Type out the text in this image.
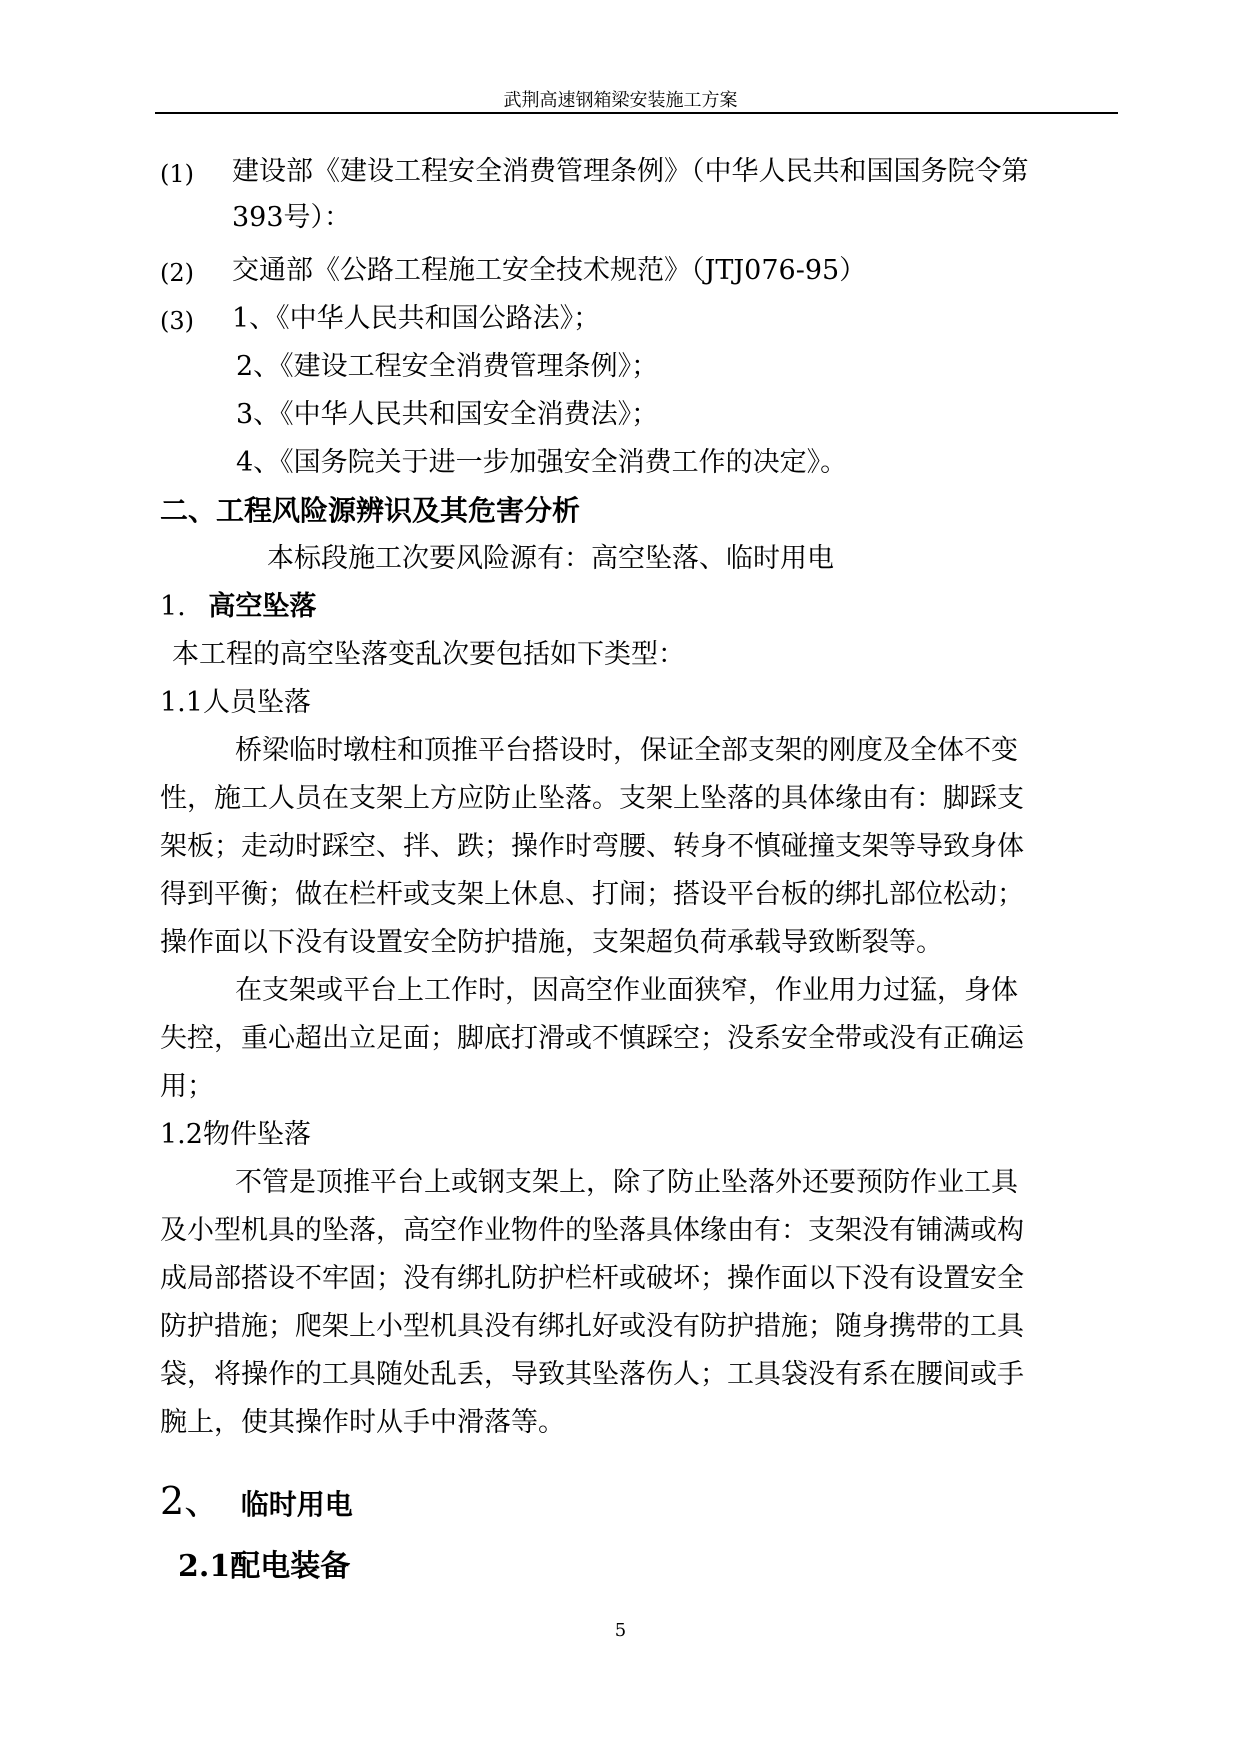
武荆高速钢箱梁安装施工方案
(1) 建设部《建设工程安全消费管理条例》（中华人民共和国国务院令第
393号）：
(2) 交通部《公路工程施工安全技术规范》（JTJ076-95）
(3) 1、《中华人民共和国公路法》；
2、《建设工程安全消费管理条例》；
3、《中华人民共和国安全消费法》；
4、《国务院关于进一步加强安全消费工作的决定》。
二、工程风险源辨识及其危害分析
本标段施工次要风险源有：高空坠落、临时用电
1. 高空坠落
本工程的高空坠落变乱次要包括如下类型：
1.1人员坠落
桥梁临时墩柱和顶推平台搭设时，保证全部支架的刚度及全体不变
性，施工人员在支架上方应防止坠落。支架上坠落的具体缘由有：脚踩支
架板；走动时踩空、拌、跌；操作时弯腰、转身不慎碰撞支架等导致身体
得到平衡；做在栏杆或支架上休息、打闹；搭设平台板的绑扎部位松动；
操作面以下没有设置安全防护措施，支架超负荷承载导致断裂等。
在支架或平台上工作时，因高空作业面狭窄，作业用力过猛，身体
失控，重心超出立足面；脚底打滑或不慎踩空；没系安全带或没有正确运
用；
1.2物件坠落
不管是顶推平台上或钢支架上，除了防止坠落外还要预防作业工具
及小型机具的坠落，高空作业物件的坠落具体缘由有：支架没有铺满或构
成局部搭设不牢固；没有绑扎防护栏杆或破坏；操作面以下没有设置安全
防护措施；爬架上小型机具没有绑扎好或没有防护措施；随身携带的工具
袋，将操作的工具随处乱丢，导致其坠落伤人；工具袋没有系在腰间或手
腕上，使其操作时从手中滑落等。
2、 临时用电
2.1配电装备
5
